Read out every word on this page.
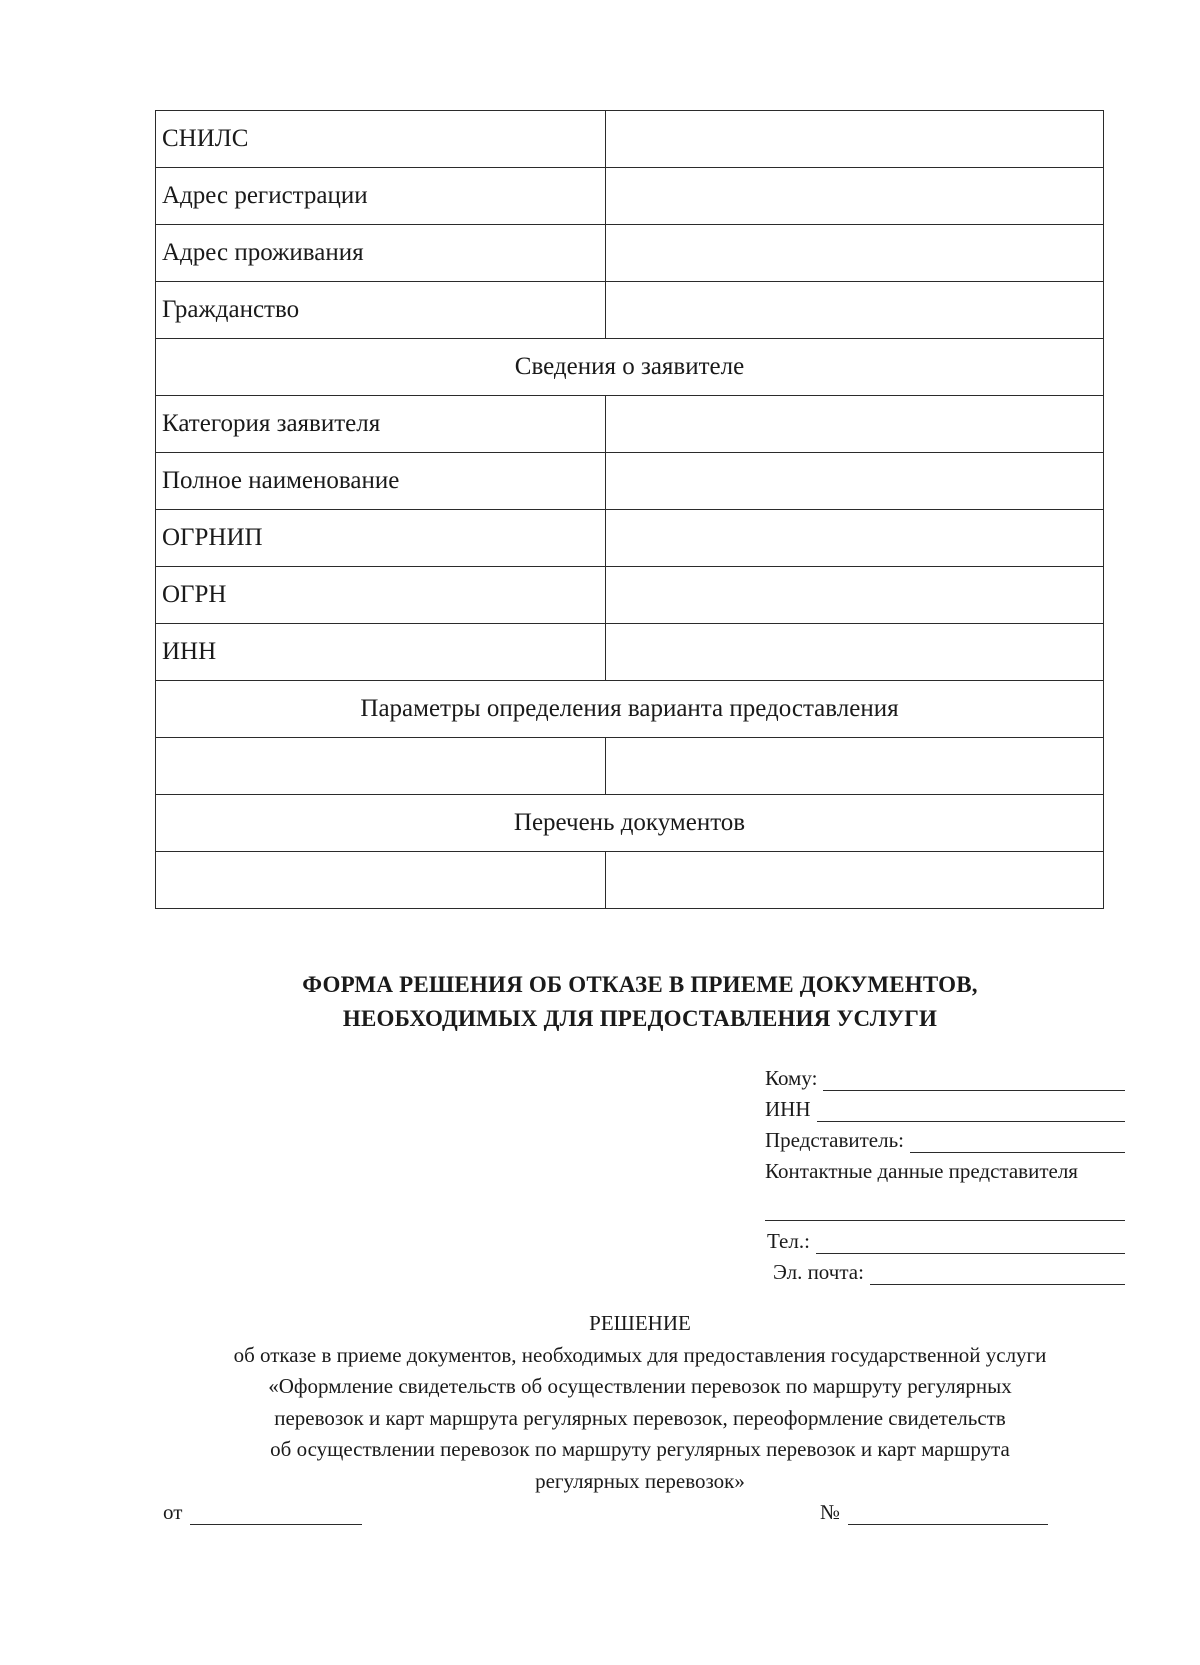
СНИЛС	
Адрес регистрации	
Адрес проживания	
Гражданство	
Сведения о заявителе	
Категория заявителя	
Полное наименование	
ОГРНИП	
ОГРН	
ИНН	
Параметры определения варианта предоставления	

Перечень документов	

ФОРМА РЕШЕНИЯ ОБ ОТКАЗЕ В ПРИЕМЕ ДОКУМЕНТОВ,
НЕОБХОДИМЫХ ДЛЯ ПРЕДОСТАВЛЕНИЯ УСЛУГИ
Кому:
ИНН
Представитель:
Контактные данные представителя
Тел.:
Эл. почта:
РЕШЕНИЕ
об отказе в приеме документов, необходимых для предоставления государственной услуги
«Оформление свидетельств об осуществлении перевозок по маршруту регулярных
перевозок и карт маршрута регулярных перевозок, переоформление свидетельств
об осуществлении перевозок по маршруту регулярных перевозок и карт маршрута
регулярных перевозок»
от	№
